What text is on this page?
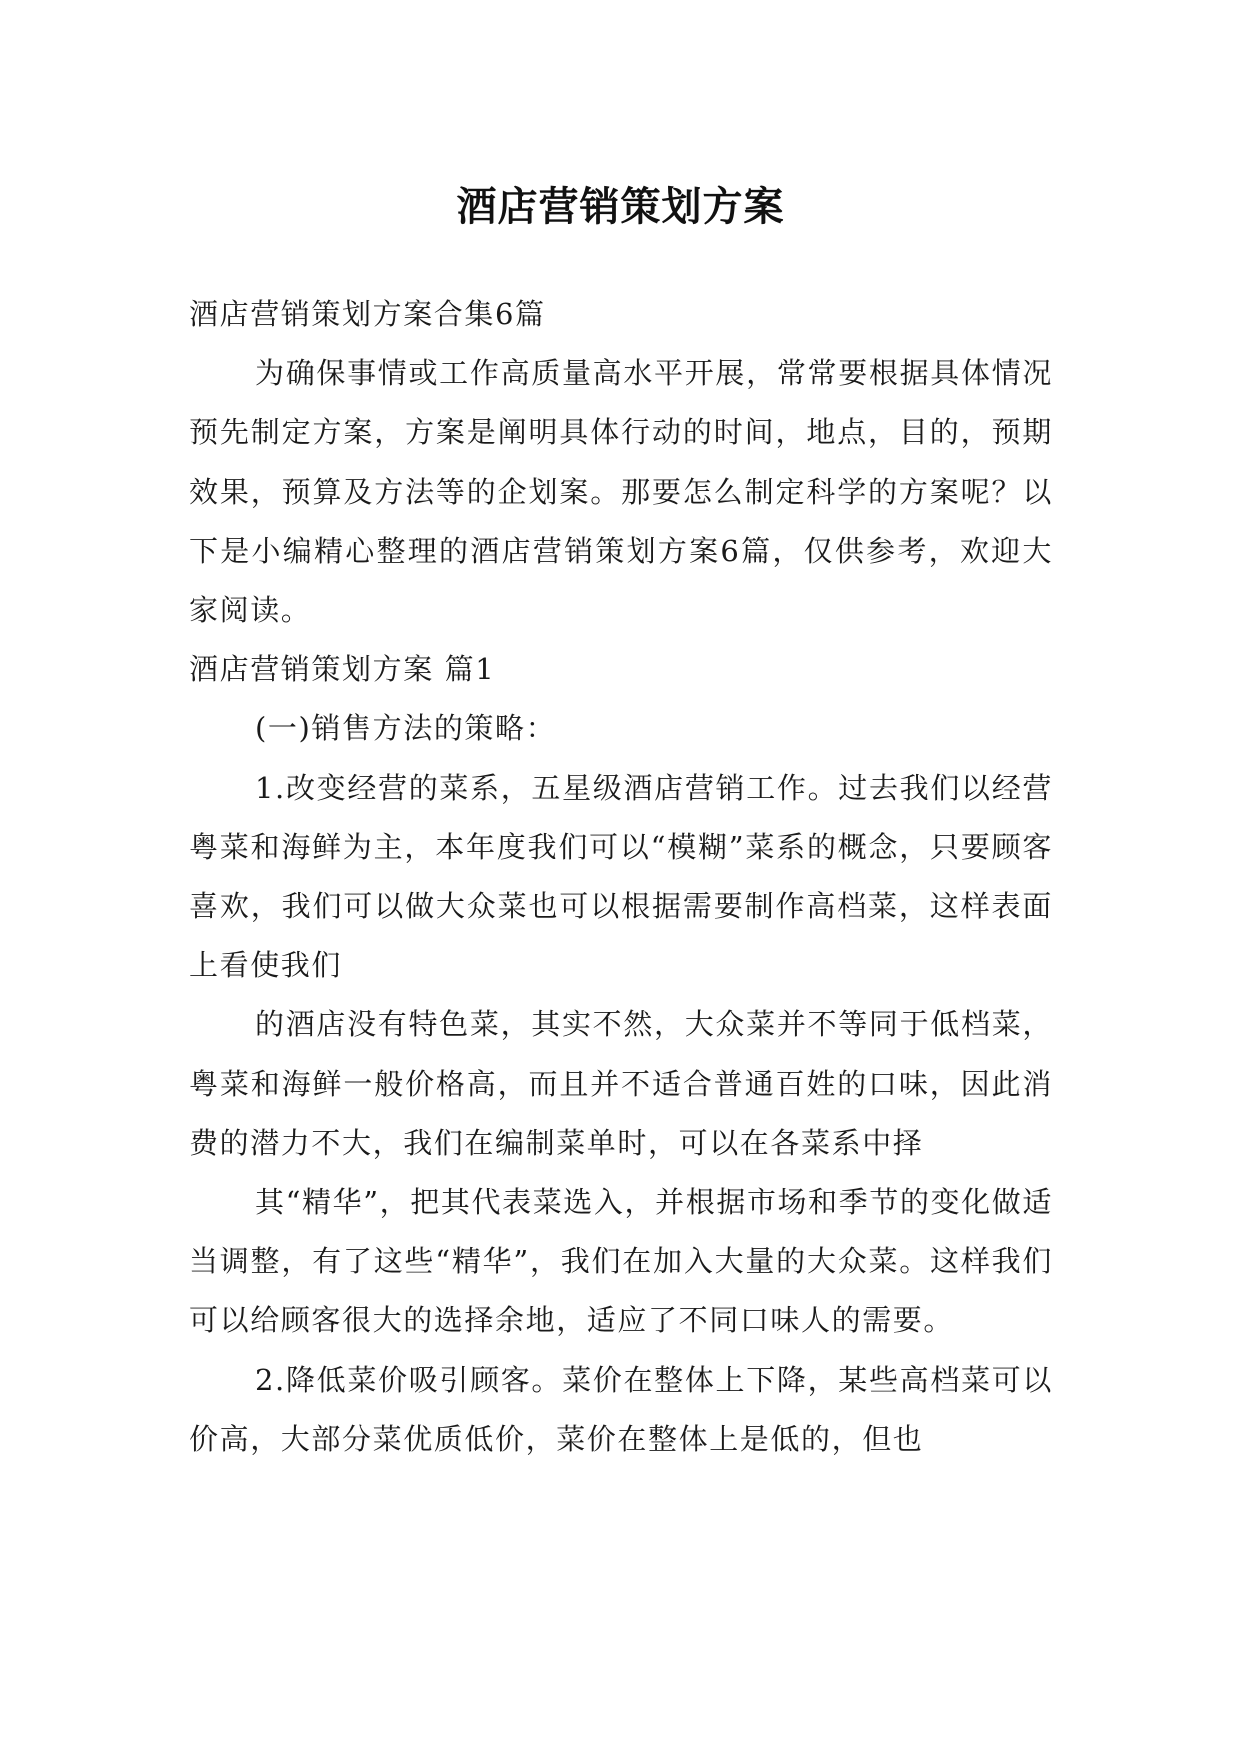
酒店营销策划方案

酒店营销策划方案合集6篇

为确保事情或工作高质量高水平开展，常常要根据具体情况预先制定方案，方案是阐明具体行动的时间，地点，目的，预期效果，预算及方法等的企划案。那要怎么制定科学的方案呢？以下是小编精心整理的酒店营销策划方案6篇，仅供参考，欢迎大家阅读。

酒店营销策划方案 篇1

(一)销售方法的策略：

1.改变经营的菜系，五星级酒店营销工作。过去我们以经营粤菜和海鲜为主，本年度我们可以“模糊”菜系的概念，只要顾客喜欢，我们可以做大众菜也可以根据需要制作高档菜，这样表面上看使我们

的酒店没有特色菜，其实不然，大众菜并不等同于低档菜，粤菜和海鲜一般价格高，而且并不适合普通百姓的口味，因此消费的潜力不大，我们在编制菜单时，可以在各菜系中择

其“精华”，把其代表菜选入，并根据市场和季节的变化做适当调整，有了这些“精华”，我们在加入大量的大众菜。这样我们可以给顾客很大的选择余地，适应了不同口味人的需要。

2.降低菜价吸引顾客。菜价在整体上下降，某些高档菜可以价高，大部分菜优质低价，菜价在整体上是低的，但也
